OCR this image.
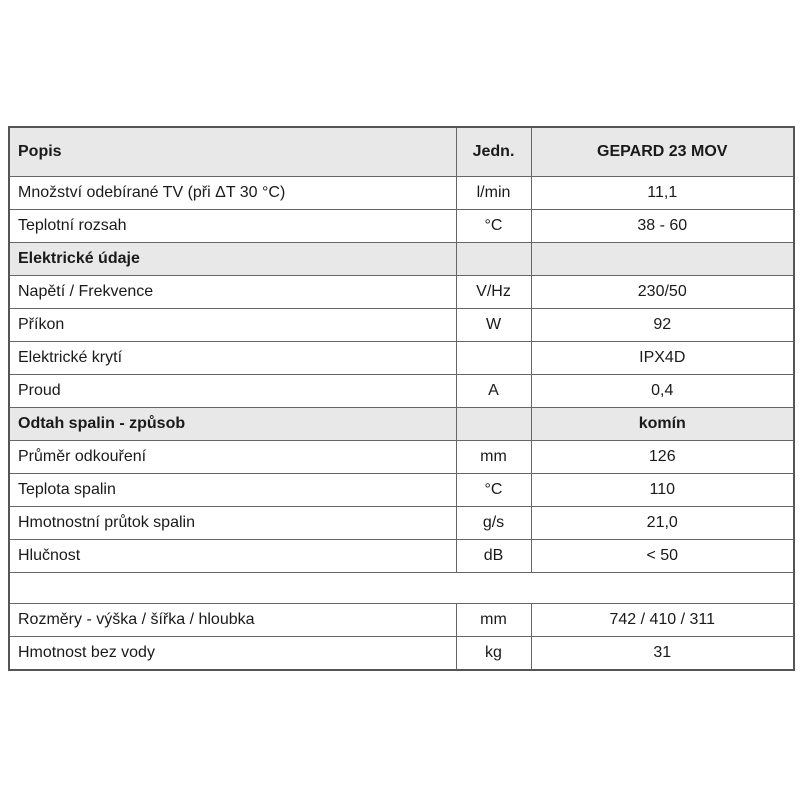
Popis	Jedn.	GEPARD 23 MOV
Množství odebírané TV (při ΔT 30 °C)	l/min	11,1
Teplotní rozsah	°C	38 - 60
Elektrické údaje		
Napětí / Frekvence	V/Hz	230/50
Příkon	W	92
Elektrické krytí		IPX4D
Proud	A	0,4
Odtah spalin - způsob		komín
Průměr odkouření	mm	126
Teplota spalin	°C	110
Hmotnostní průtok spalin	g/s	21,0
Hlučnost	dB	< 50

Rozměry - výška / šířka / hloubka	mm	742 / 410 / 311
Hmotnost bez vody	kg	31
